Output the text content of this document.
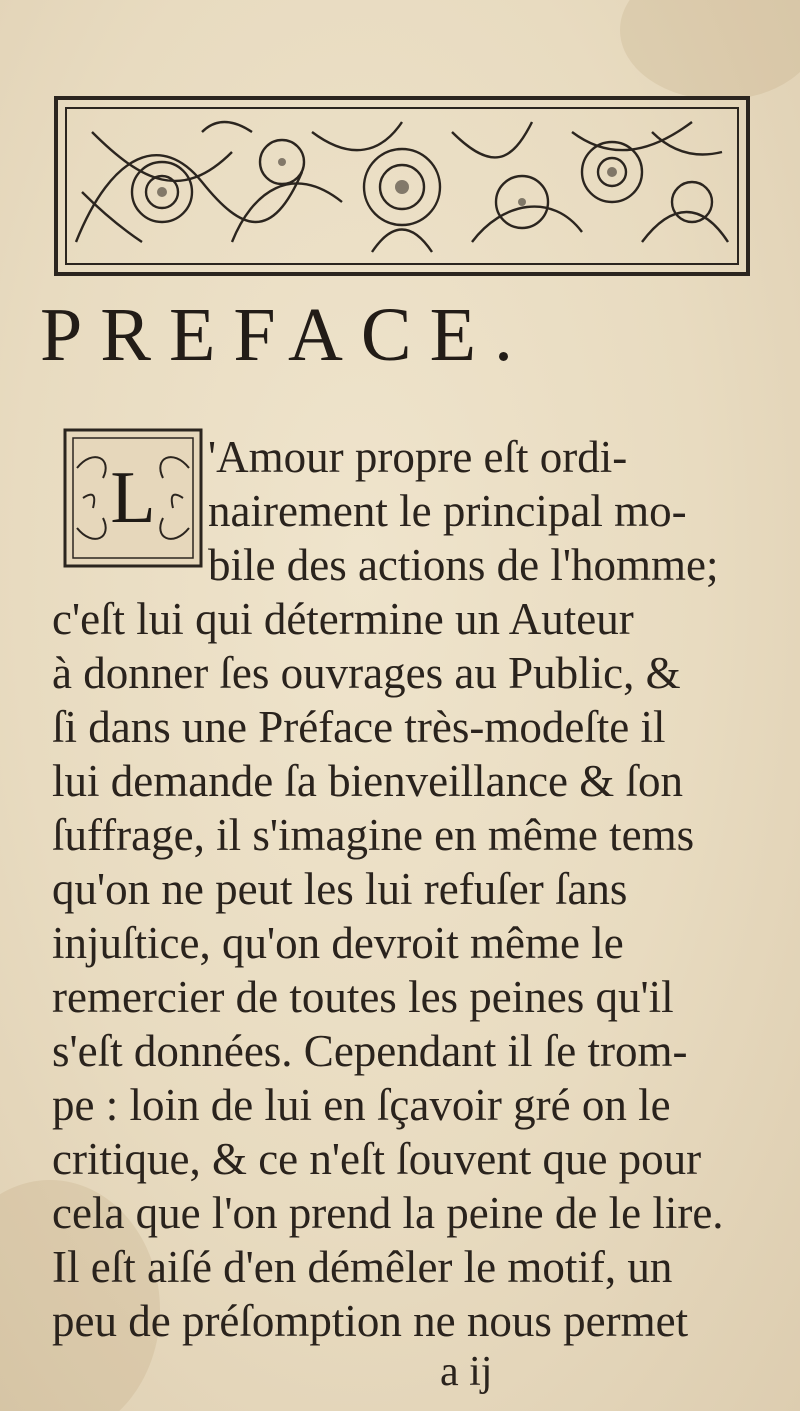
PREFACE.
L	'Amour propre eſt ordi-
nairement le principal mo-
bile des actions de l'homme;
c'eſt lui qui détermine un Auteur
à donner ſes ouvrages au Public, &
ſi dans une Préface très-modeſte il
lui demande ſa bienveillance & ſon
ſuffrage, il s'imagine en même tems
qu'on ne peut les lui refuſer ſans
injuſtice, qu'on devroit même le
remercier de toutes les peines qu'il
s'eſt données. Cependant il ſe trom-
pe : loin de lui en ſçavoir gré on le
critique, & ce n'eſt ſouvent que pour
cela que l'on prend la peine de le lire.
Il eſt aiſé d'en démêler le motif, un
peu de préſomption ne nous permet
a ij
